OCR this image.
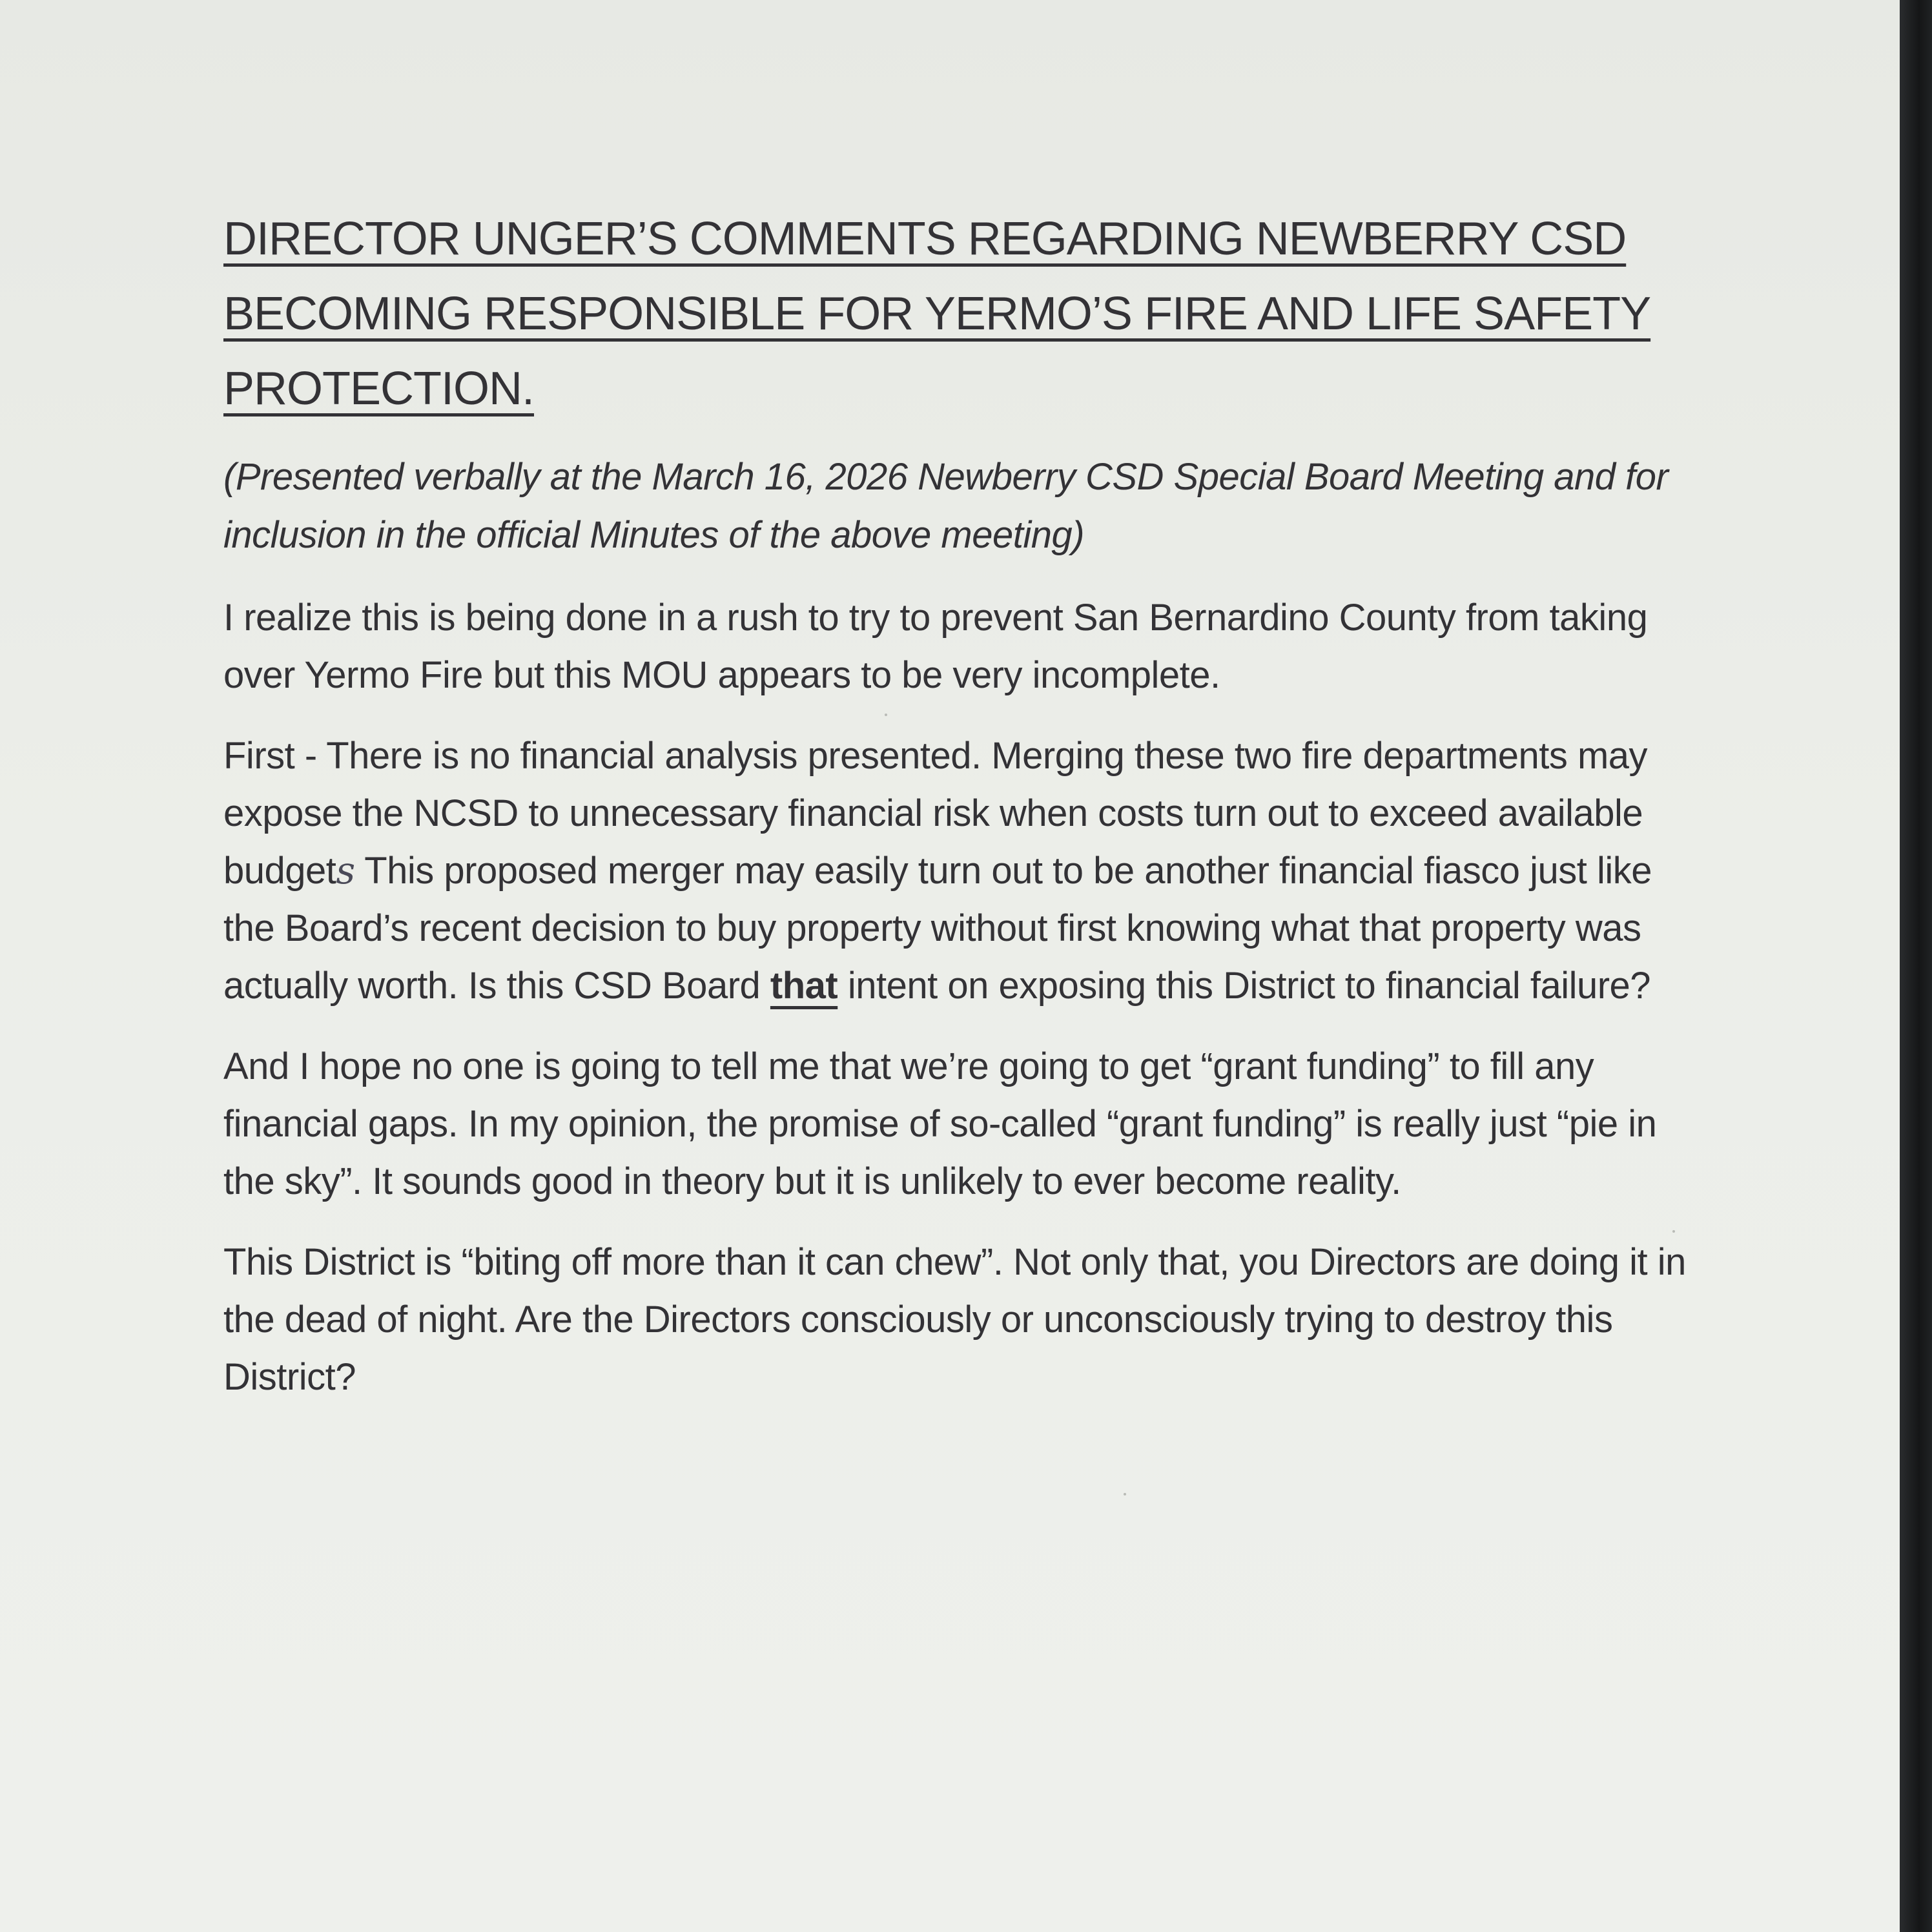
DIRECTOR UNGER’S COMMENTS REGARDING NEWBERRY CSD
BECOMING RESPONSIBLE FOR YERMO’S FIRE AND LIFE SAFETY
PROTECTION.

(Presented verbally at the March 16, 2026 Newberry CSD Special Board Meeting and for inclusion in the official Minutes of the above meeting)

I realize this is being done in a rush to try to prevent San Bernardino County from taking over Yermo Fire but this MOU appears to be very incomplete.

First - There is no financial analysis presented. Merging these two fire departments may expose the NCSD to unnecessary financial risk when costs turn out to exceed available budgets This proposed merger may easily turn out to be another financial fiasco just like the Board’s recent decision to buy property without first knowing what that property was actually worth. Is this CSD Board that intent on exposing this District to financial failure?

And I hope no one is going to tell me that we’re going to get “grant funding” to fill any financial gaps. In my opinion, the promise of so-called “grant funding” is really just “pie in the sky”. It sounds good in theory but it is unlikely to ever become reality.

This District is “biting off more than it can chew”. Not only that, you Directors are doing it in the dead of night. Are the Directors consciously or unconsciously trying to destroy this District?
